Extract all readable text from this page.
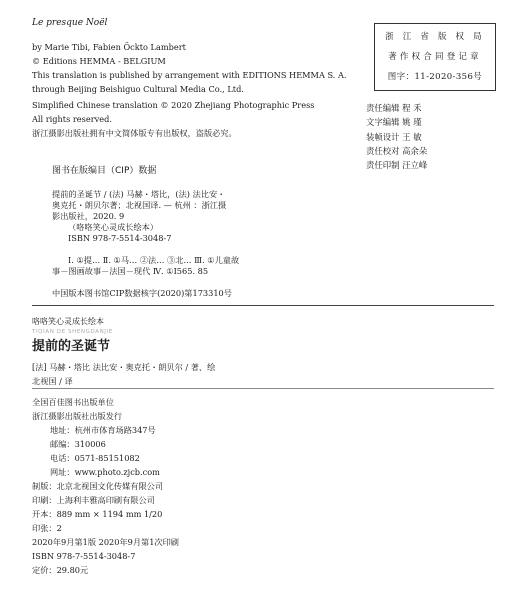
Le presque Noël
by Marie Tibi, Fabien Öckto Lambert
© Editions HEMMA - BELGIUM
This translation is published by arrangement with EDITIONS HEMMA S. A.
through Beijing Beishiguo Cultural Media Co., Ltd.
Simplified Chinese translation © 2020 Zhejiang Photographic Press
All rights reserved.
浙江摄影出版社拥有中文简体版专有出版权，盗版必究。
浙 江 省 版 权 局
著作权合同登记章
图字：11-2020-356号
责任编辑 程 禾
文字编辑 姚 瑾
装帧设计 王 敏
责任校对 高余朵
责任印制 汪立峰
图书在版编目（CIP）数据
提前的圣诞节 / (法) 马赫・塔比，(法) 法比安・
奥克托・朗贝尔著；北视国译. — 杭州 ：浙江摄
影出版社，2020. 9
（咯咯笑心灵成长绘本）
ISBN 978-7-5514-3048-7
Ⅰ. ①提… Ⅱ. ①马… ②法… ③北… Ⅲ. ①儿童故
事－图画故事－法国－现代 Ⅳ. ①I565. 85
中国版本图书馆CIP数据核字(2020)第173310号
咯咯笑心灵成长绘本
TIQIAN DE SHENGDANJIE
提前的圣诞节
[法] 马赫・塔比 法比安・奥克托・朗贝尔 / 著、绘
北视国 / 译
全国百佳图书出版单位
浙江摄影出版社出版发行
地址：杭州市体育场路347号
邮编：310006
电话：0571-85151082
网址：www.photo.zjcb.com
制版：北京北视国文化传媒有限公司
印刷：上海利丰雅高印刷有限公司
开本：889 mm × 1194 mm 1/20
印张：2
2020年9月第1版 2020年9月第1次印刷
ISBN 978-7-5514-3048-7
定价：29.80元
